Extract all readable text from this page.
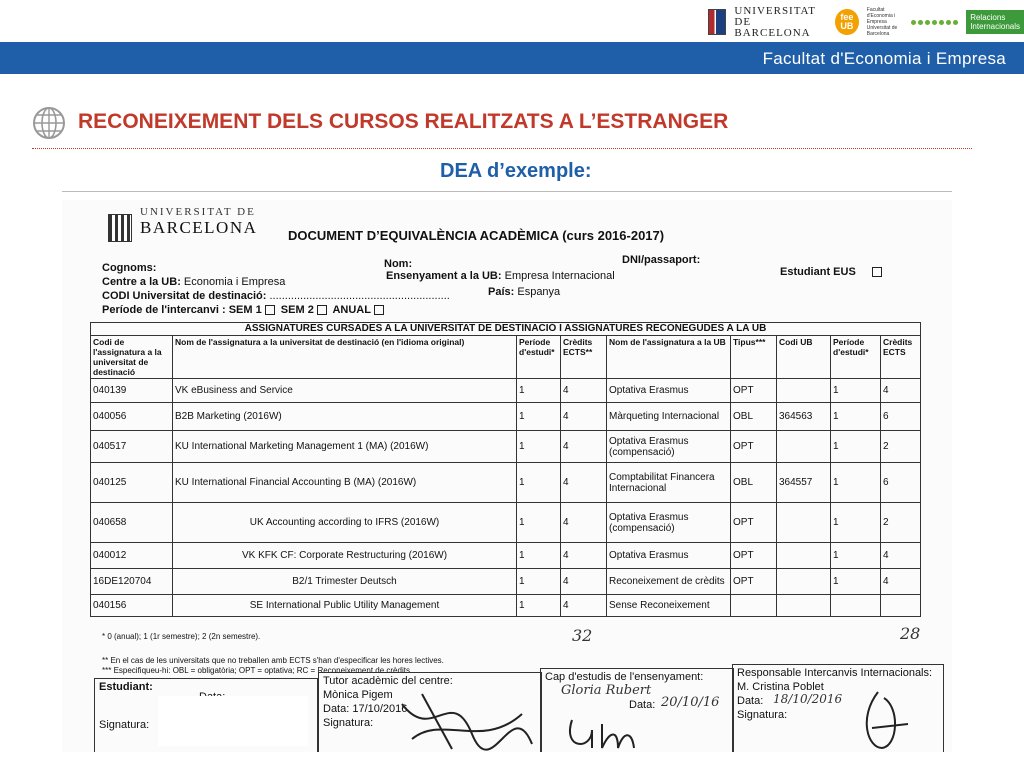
UNIVERSITAT DE
BARCELONA
fee UB
Facultat d'Economia i Empresa Universitat de Barcelona
Relacions
Internacionals
Facultat d'Economia i Empresa
RECONEIXEMENT DELS CURSOS REALITZATS A L’ESTRANGER
DEA d’exemple:
UNIVERSITAT DE
BARCELONA DOCUMENT D’EQUIVALÈNCIA ACADÈMICA (curs 2016-2017)
Cognoms:	Nom:	DNI/passaport:
Centre a la UB: Economia i Empresa	Ensenyament a la UB: Empresa Internacional	Estudiant EUS
CODI Universitat de destinació: ...........................................................	País: Espanya
Període de l'intercanvi : SEM 1 SEM 2 ANUAL
ASSIGNATURES CURSADES A LA UNIVERSITAT DE DESTINACIÓ I ASSIGNATURES RECONEGUDES A LA UB								
Codi de l'assignatura a la universitat de destinació	Nom de l'assignatura a la universitat de destinació (en l'idioma original)	Període d'estudi*	Crèdits ECTS**	Nom de l'assignatura a la UB	Tipus***	Codi UB	Període d'estudi*	Crèdits ECTS
040139	VK eBusiness and Service	1	4	Optativa Erasmus	OPT		1	4
040056	B2B Marketing (2016W)	1	4	Màrqueting Internacional	OBL	364563	1	6
040517	KU International Marketing Management 1 (MA) (2016W)	1	4	Optativa Erasmus (compensació)	OPT		1	2
040125	KU International Financial Accounting B (MA) (2016W)	1	4	Comptabilitat Financera Internacional	OBL	364557	1	6
040658	UK Accounting according to IFRS (2016W)	1	4	Optativa Erasmus (compensació)	OPT		1	2
040012	VK KFK CF: Corporate Restructuring (2016W)	1	4	Optativa Erasmus	OPT		1	4
16DE120704	B2/1 Trimester Deutsch	1	4	Reconeixement de crèdits	OPT		1	4
040156	SE International Public Utility Management	1	4	Sense Reconeixement				
32	28
* 0 (anual); 1 (1r semestre); 2 (2n semestre).
** En el cas de les universitats que no treballen amb ECTS s'han d'especificar les hores lectives.
*** Especifiqueu-hi: OBL = obligatòria; OPT = optativa; RC = Reconeixement de crèdits
Estudiant:
Signatura:
Tutor acadèmic del centre:
Mònica Pigem
Data: 17/10/2016
Signatura:
Cap d'estudis de l'ensenyament:
Gloria Rubert
Data: 20/10/16
Responsable Intercanvis Internacionals:
M. Cristina Poblet
Data: 18/10/2016
Signatura:
